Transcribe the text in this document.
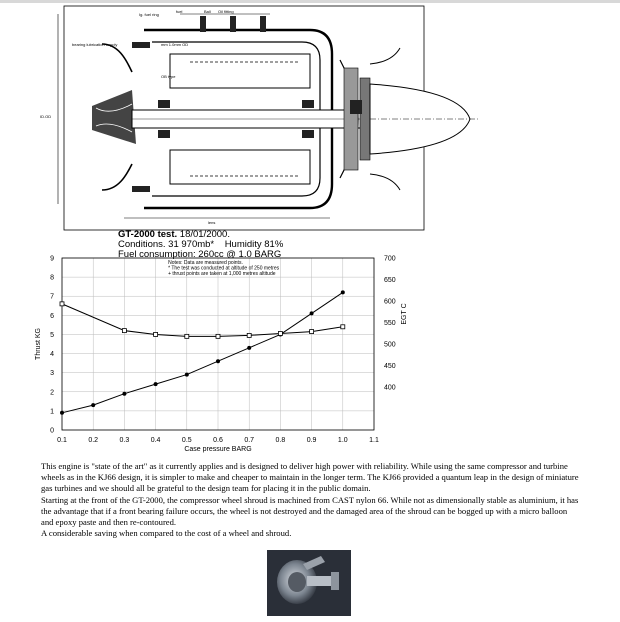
Ig. fuel ring
fuel	Ball Oil fitting
bearing lubrication supply	mm 1.0mm OD
OB type
ID.OD
lens
GT-2000 test. 18/01/2000.
Conditions. 31 970mb* Humidity 81%
Fuel consumption: 260cc @ 1.0 BARG
0.1	0.2	0.3	0.4	0.5	0.6	0.7	0.8	0.9	1.0	1.1
0
1
2
3
4
5
6
7
8
9
400
450
500
550
600
650
700
Notes: Data are measured points.
* The test was conducted at altitude of 250 metres
+ thrust points are taken at 1,000 metres altitude
Case pressure BARG
Thrust KG
EGT C

This engine is "state of the art" as it currently applies and is designed to deliver high power with reliability. While using the same compressor and turbine wheels as in the KJ66 design, it is simpler to make and cheaper to maintain in the longer term. The KJ66 provided a quantum leap in the design of miniature gas turbines and we should all be grateful to the design team for placing it in the public domain.

Starting at the front of the GT-2000, the compressor wheel shroud is machined from CAST nylon 66. While not as dimensionally stable as aluminium, it has the advantage that if a front bearing failure occurs, the wheel is not destroyed and the damaged area of the shroud can be bogged up with a micro balloon and epoxy paste and then re-contoured.

A considerable saving when compared to the cost of a wheel and shroud.
